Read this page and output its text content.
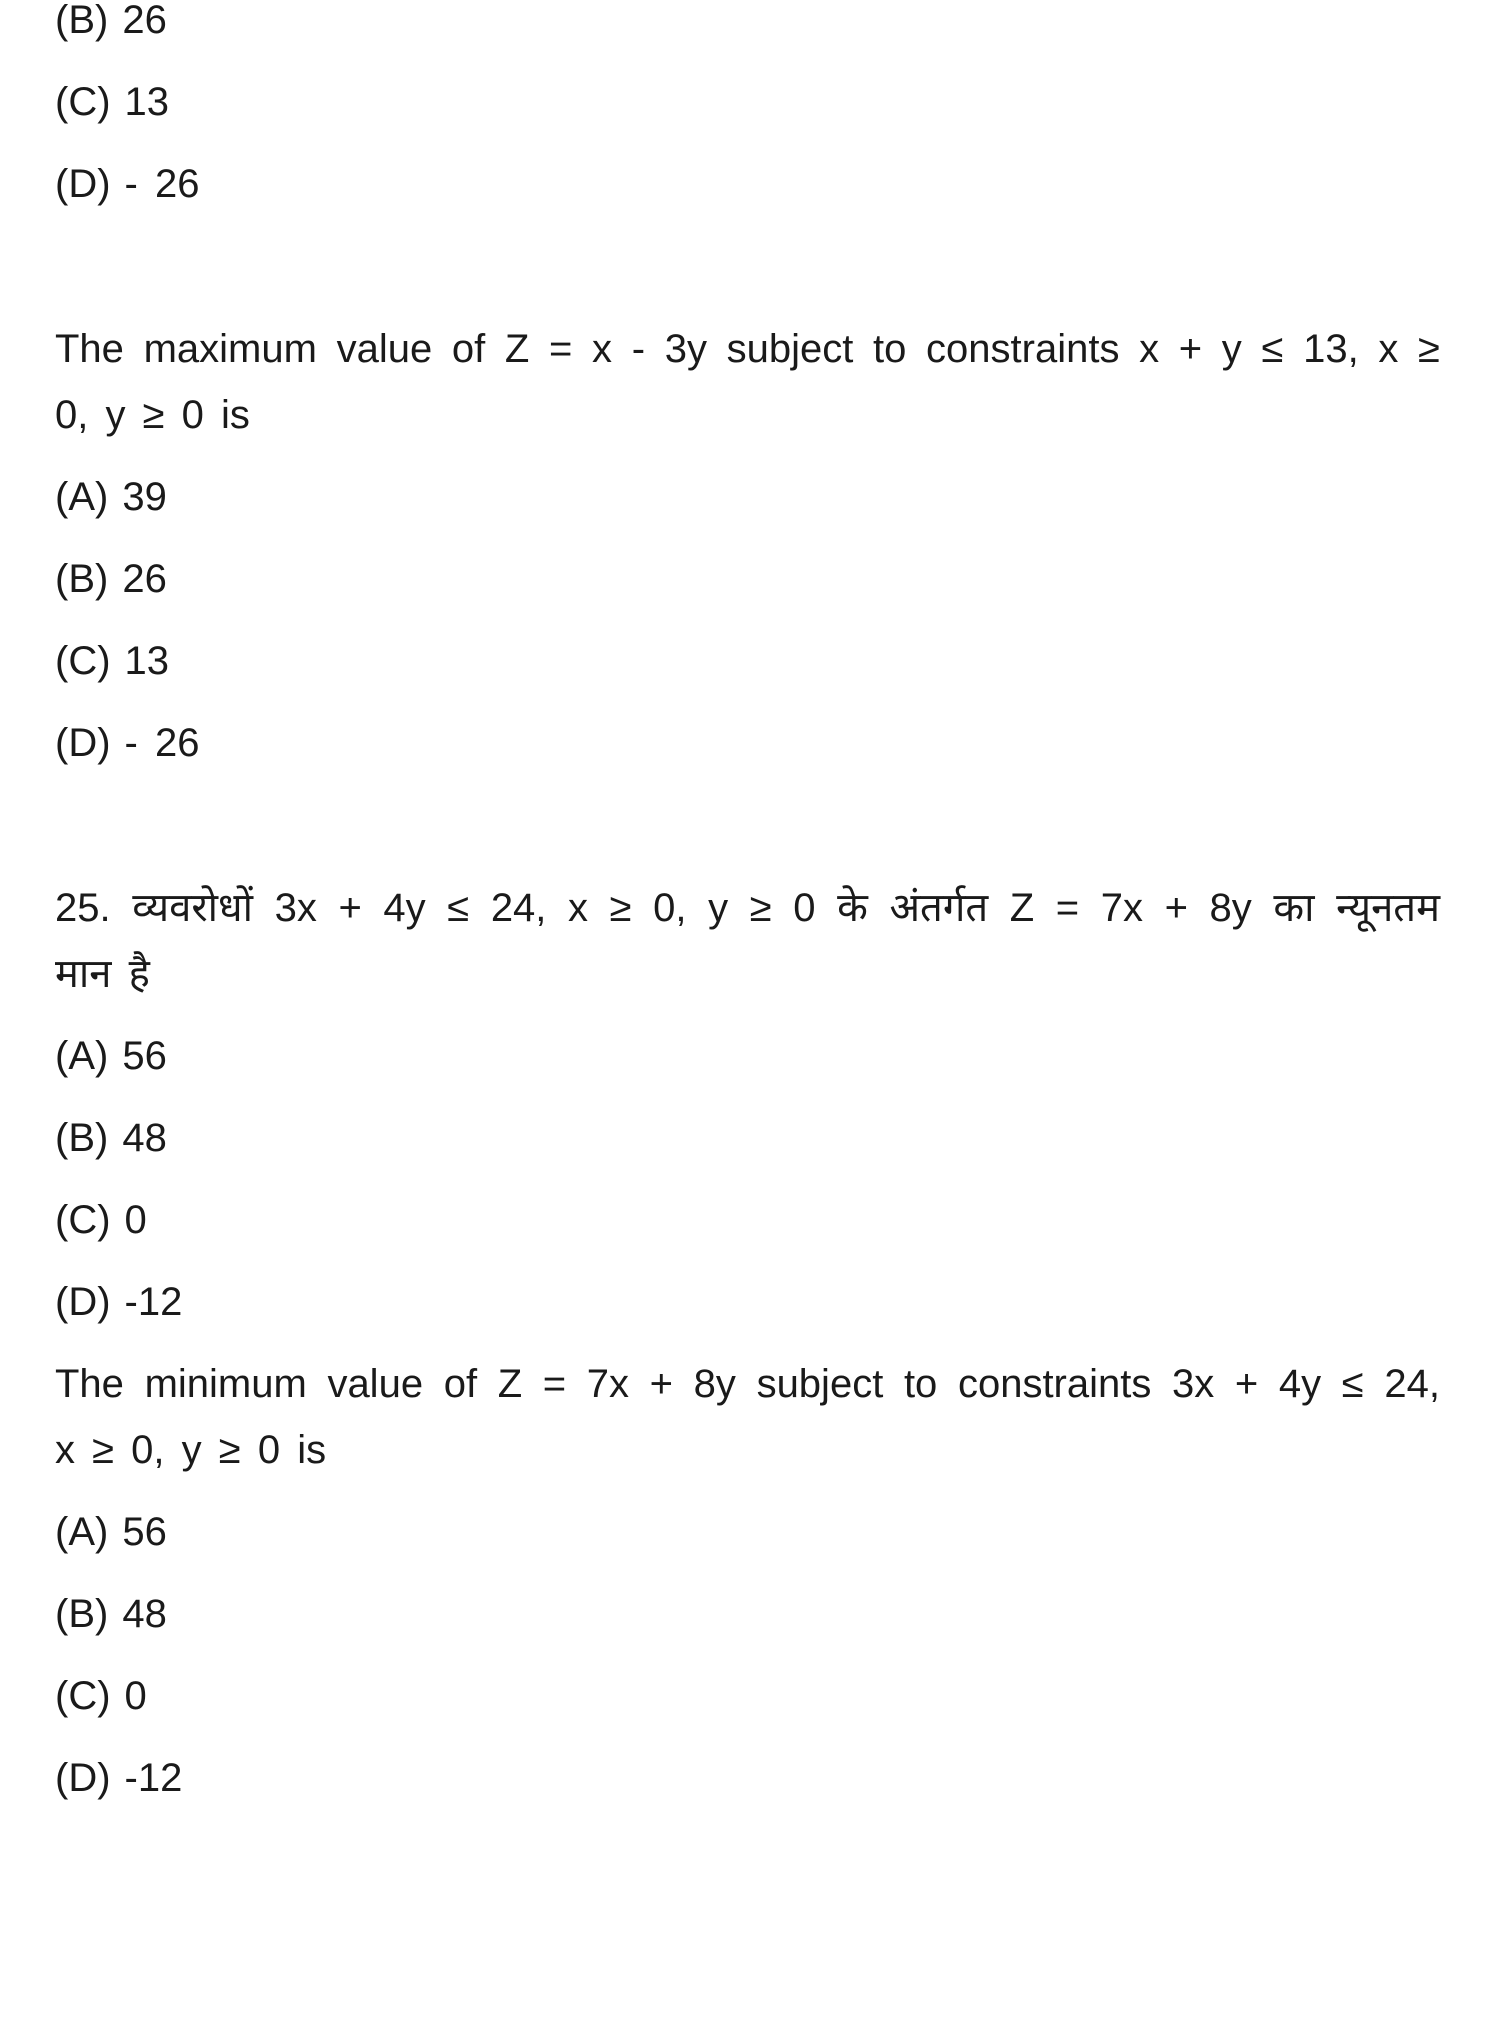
(B) 26
(C) 13
(D) - 26
The maximum value of Z = x - 3y subject to constraints x + y ≤ 13, x ≥
0, y ≥ 0 is
(A) 39
(B) 26
(C) 13
(D) - 26
25. व्यवरोधों 3x + 4y ≤ 24, x ≥ 0, y ≥ 0 के अंतर्गत Z = 7x + 8y का न्यूनतम
मान है
(A) 56
(B) 48
(C) 0
(D) -12
The minimum value of Z = 7x + 8y subject to constraints 3x + 4y ≤ 24,
x ≥ 0, y ≥ 0 is
(A) 56
(B) 48
(C) 0
(D) -12
